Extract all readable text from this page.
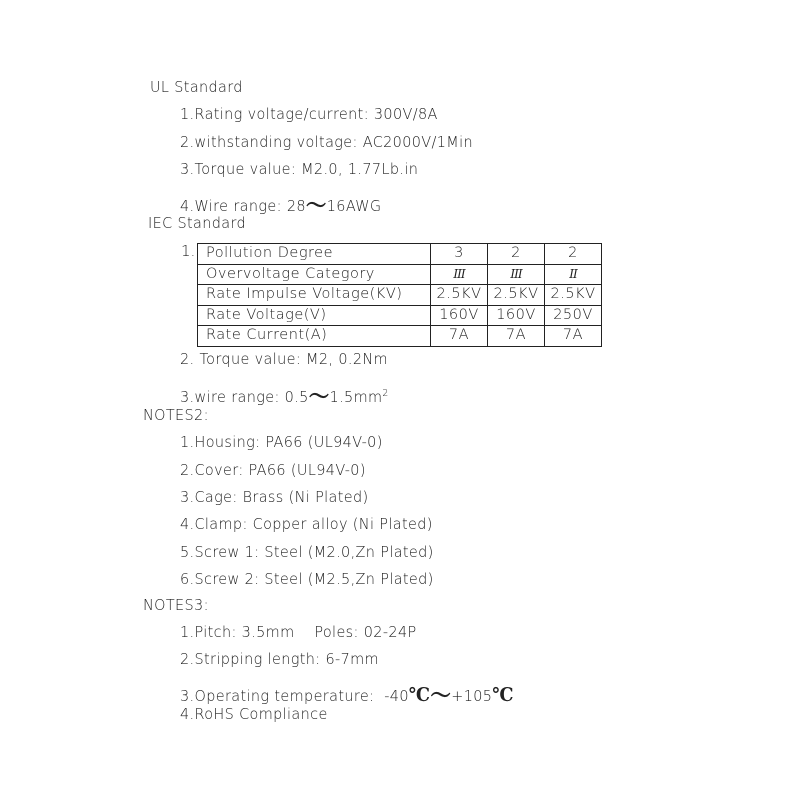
UL Standard
1.Rating voltage/current: 300V/8A
2.withstanding voltage: AC2000V/1Min
3.Torque value: M2.0, 1.77Lb.in
4.Wire range: 28〜16AWG
IEC Standard
1. Pollution Degree	3	2	2
Overvoltage Category	III	III	II
Rate Impulse Voltage(KV)	2.5KV	2.5KV	2.5KV
Rate Voltage(V)	160V	160V	250V
Rate Current(A)	7A	7A	7A
2. Torque value: M2, 0.2Nm
3.wire range: 0.5〜$1.5mm^2$
NOTES2:
1.Housing: PA66 (UL94V-0)
2.Cover: PA66 (UL94V-0)
3.Cage: Brass (Ni Plated)
4.Clamp: Copper alloy (Ni Plated)
5.Screw 1: Steel (M2.0,Zn Plated)
6.Screw 2: Steel (M2.5,Zn Plated)
NOTES3:
1.Pitch: 3.5mm    Poles: 02-24P
2.Stripping length: 6-7mm
3.Operating temperature:  -40℃〜+105℃
4.RoHS Compliance
